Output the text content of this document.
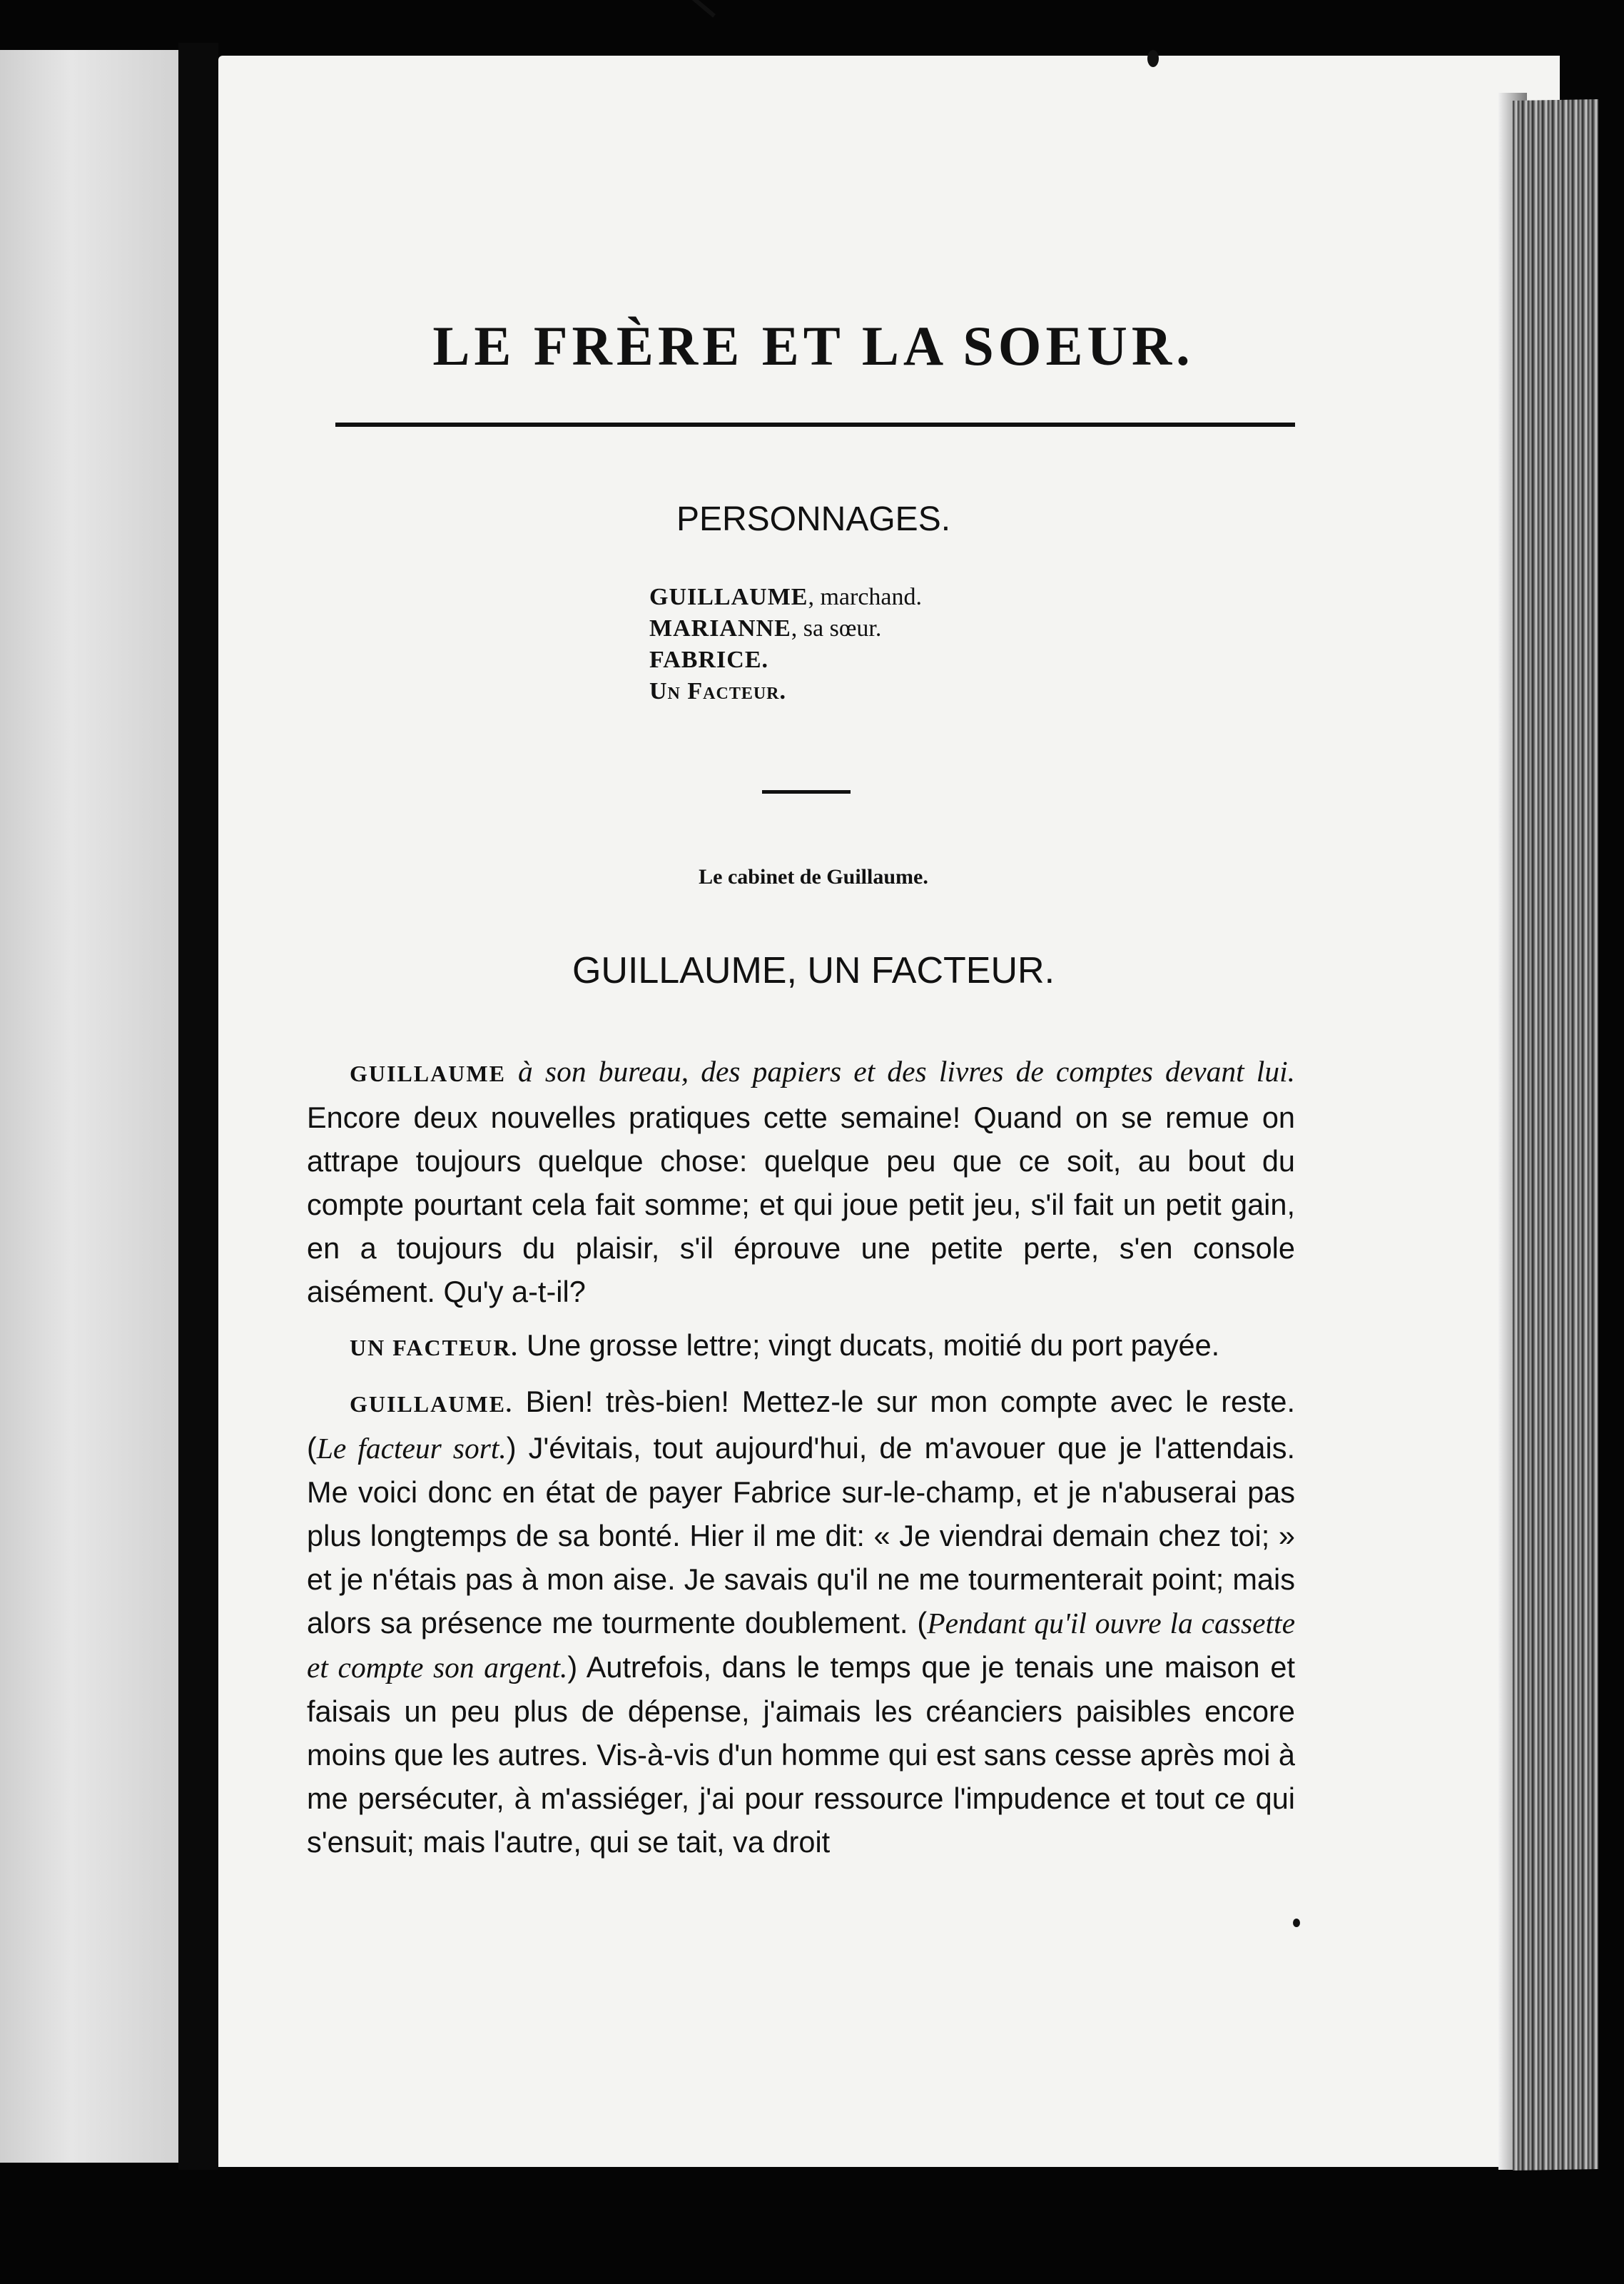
LE FRÈRE ET LA SOEUR.
PERSONNAGES.
GUILLAUME, marchand.
MARIANNE, sa sœur.
FABRICE.
Un Facteur.
Le cabinet de Guillaume.
GUILLAUME, UN FACTEUR.

GUILLAUME à son bureau, des papiers et des livres de comptes devant lui. Encore deux nouvelles pratiques cette semaine! Quand on se remue on attrape toujours quelque chose: quelque peu que ce soit, au bout du compte pourtant cela fait somme; et qui joue petit jeu, s'il fait un petit gain, en a toujours du plaisir, s'il éprouve une petite perte, s'en console aisément. Qu'y a-t-il?

UN FACTEUR. Une grosse lettre; vingt ducats, moitié du port payée.

GUILLAUME. Bien! très-bien! Mettez-le sur mon compte avec le reste. (Le facteur sort.) J'évitais, tout aujourd'hui, de m'avouer que je l'attendais. Me voici donc en état de payer Fabrice sur-le-champ, et je n'abuserai pas plus longtemps de sa bonté. Hier il me dit: « Je viendrai demain chez toi; » et je n'étais pas à mon aise. Je savais qu'il ne me tourmenterait point; mais alors sa présence me tourmente doublement. (Pendant qu'il ouvre la cassette et compte son argent.) Autrefois, dans le temps que je tenais une maison et faisais un peu plus de dépense, j'aimais les créanciers paisibles encore moins que les autres. Vis-à-vis d'un homme qui est sans cesse après moi à me persécuter, à m'assiéger, j'ai pour ressource l'impudence et tout ce qui s'ensuit; mais l'autre, qui se tait, va droit
